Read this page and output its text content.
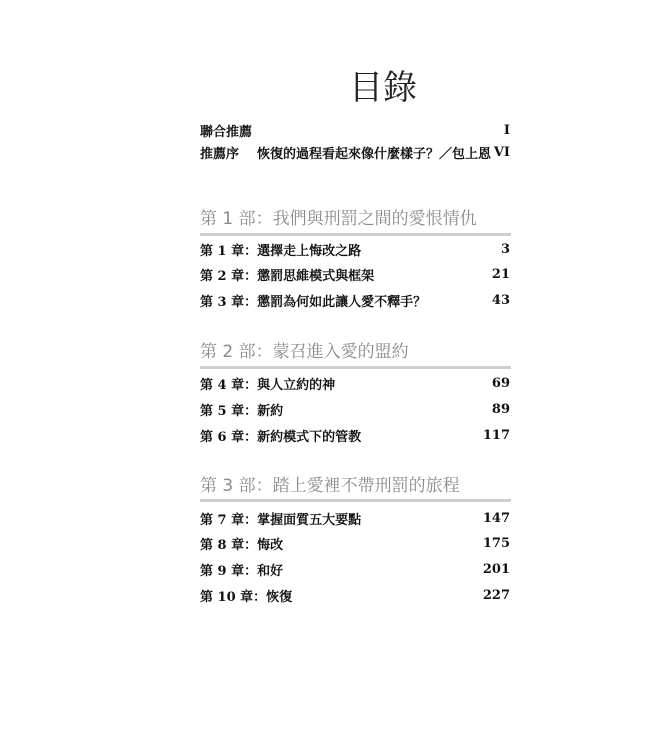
目錄
聯合推薦	I
推薦序 恢復的過程看起來像什麼樣子？／包上恩 VI
第 1 部：我們與刑罰之間的愛恨情仇
第 1 章：選擇走上悔改之路	3
第 2 章：懲罰思維模式與框架	21
第 3 章：懲罰為何如此讓人愛不釋手？	43
第 2 部：蒙召進入愛的盟約
第 4 章：與人立約的神	69
第 5 章：新約	89
第 6 章：新約模式下的管教	117
第 3 部：踏上愛裡不帶刑罰的旅程
第 7 章：掌握面質五大要點	147
第 8 章：悔改	175
第 9 章：和好	201
第 10 章：恢復	227
